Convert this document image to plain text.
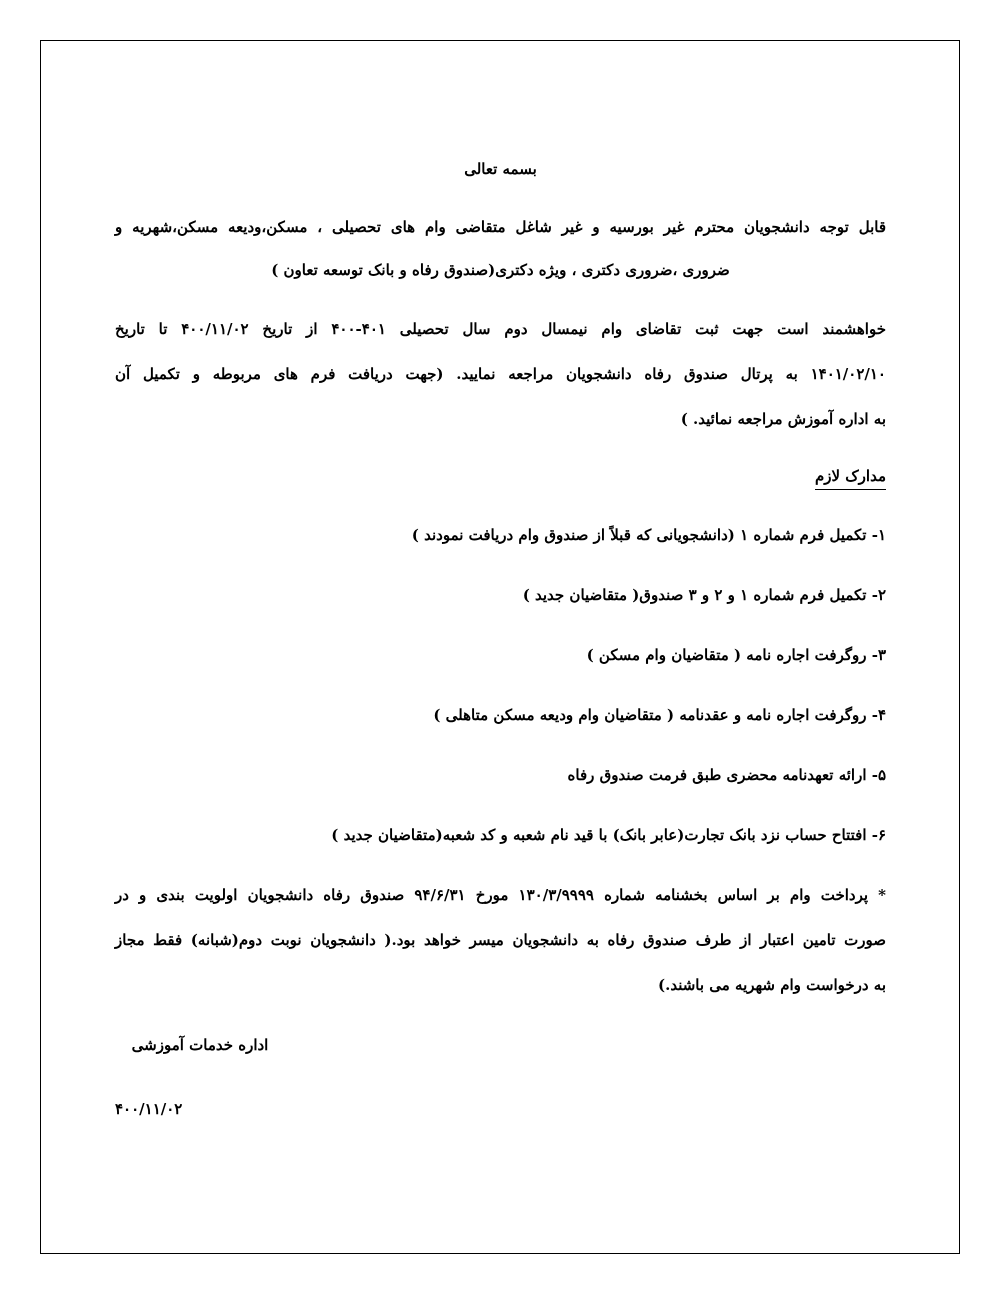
بسمه تعالی
قابل توجه دانشجویان محترم غیر بورسیه و غیر شاغل متقاضی وام های تحصیلی ، مسکن،ودیعه مسکن،شهریه و
ضروری ،ضروری دکتری ، ویژه دکتری(صندوق رفاه و بانک توسعه تعاون )
خواهشمند است جهت ثبت تقاضای وام نیمسال دوم سال تحصیلی ۴۰۱-۴۰۰ از تاریخ ۴۰۰/۱۱/۰۲ تا تاریخ
۱۴۰۱/۰۲/۱۰ به پرتال صندوق رفاه دانشجویان مراجعه نمایید. (جهت دریافت فرم های مربوطه و تکمیل آن
به اداره آموزش مراجعه نمائید. )
مدارک لازم
۱- تکمیل فرم شماره ۱ (دانشجویانی که قبلاً از صندوق وام دریافت نمودند )
۲- تکمیل فرم شماره ۱ و ۲ و ۳ صندوق( متقاضیان جدید )
۳- روگرفت اجاره نامه ( متقاضیان وام مسکن )
۴- روگرفت اجاره نامه و عقدنامه ( متقاضیان وام ودیعه مسکن متاهلی )
۵- ارائه تعهدنامه محضری طبق فرمت صندوق رفاه
۶- افتتاح حساب نزد بانک تجارت(عابر بانک) با قید نام شعبه و کد شعبه(متقاضیان جدید )
* پرداخت وام بر اساس بخشنامه شماره ۱۳۰/۳/۹۹۹۹ مورخ ۹۴/۶/۳۱ صندوق رفاه دانشجویان اولویت بندی و در
صورت تامین اعتبار از طرف صندوق رفاه به دانشجویان میسر خواهد بود.( دانشجویان نوبت دوم(شبانه) فقط مجاز
به درخواست وام شهریه می باشند.)
اداره خدمات آموزشی
۴۰۰/۱۱/۰۲
